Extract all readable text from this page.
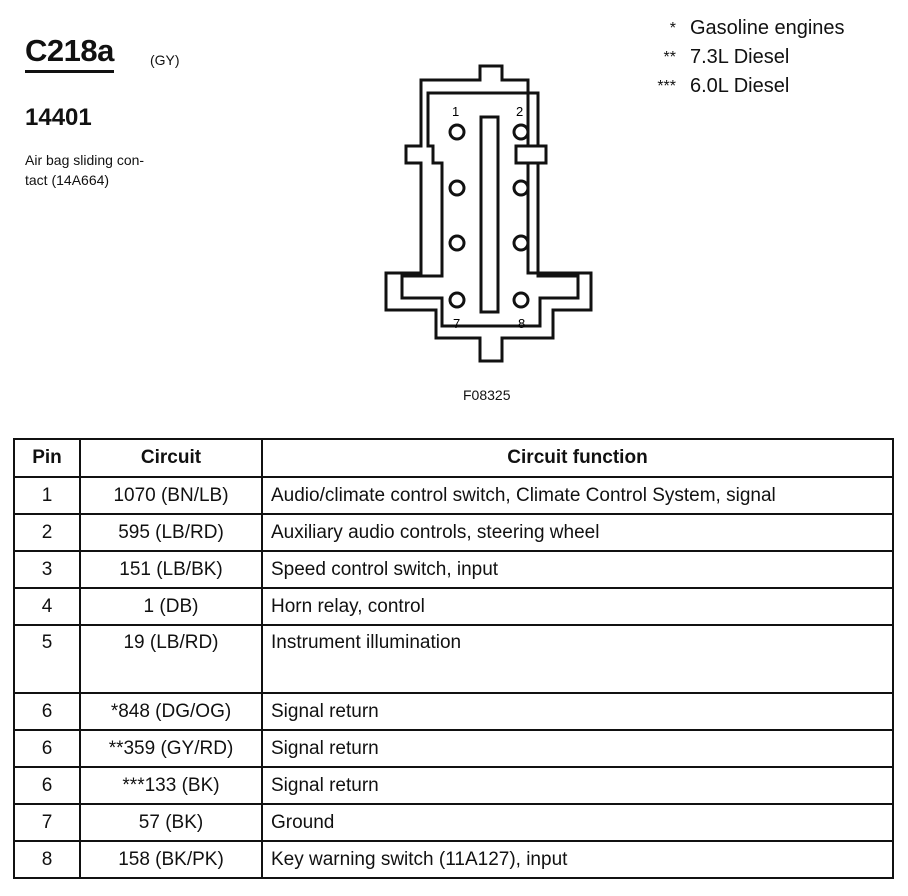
C218a	(GY)
14401
Air bag sliding con-
tact (14A664)
* Gasoline engines
** 7.3L Diesel
*** 6.0L Diesel
1	2
7	8
F08325
Pin	Circuit	Circuit function
1	1070 (BN/LB)	Audio/climate control switch, Climate Control System, signal
2	595 (LB/RD)	Auxiliary audio controls, steering wheel
3	151 (LB/BK)	Speed control switch, input
4	1 (DB)	Horn relay, control
5	19 (LB/RD)	Instrument illumination
6	*848 (DG/OG)	Signal return
6	**359 (GY/RD)	Signal return
6	***133 (BK)	Signal return
7	57 (BK)	Ground
8	158 (BK/PK)	Key warning switch (11A127), input
